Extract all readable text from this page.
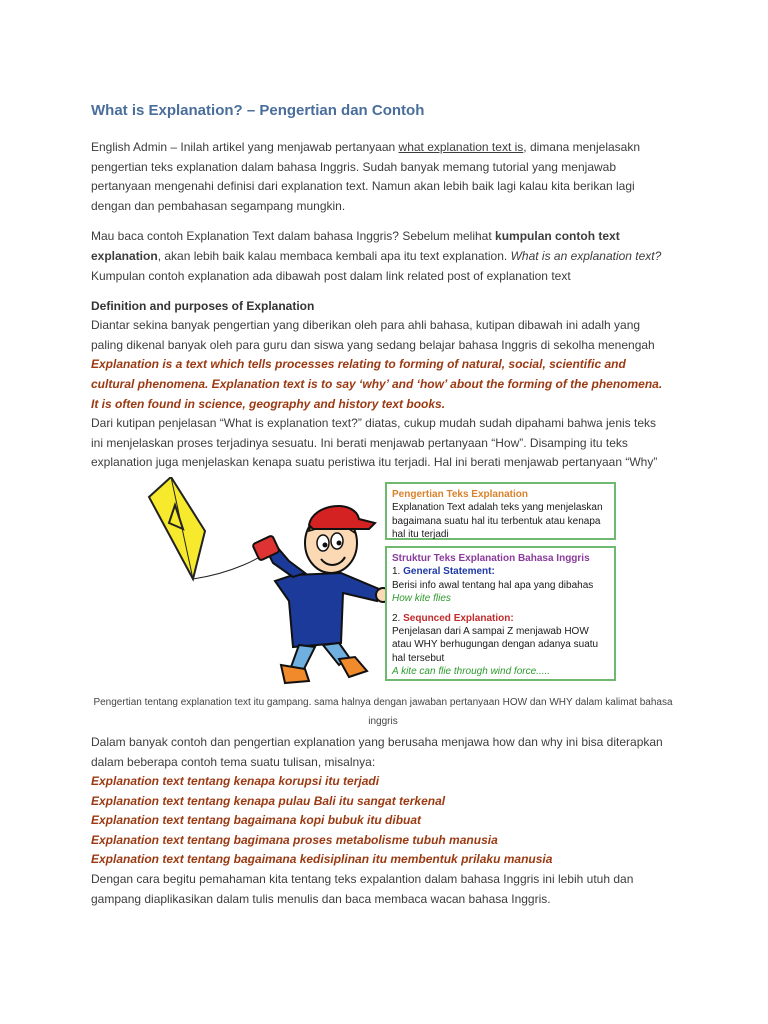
What is Explanation? – Pengertian dan Contoh

English Admin – Inilah artikel yang menjawab pertanyaan what explanation text is, dimana menjelasakn pengertian teks explanation dalam bahasa Inggris. Sudah banyak memang tutorial yang menjawab pertanyaan mengenahi definisi dari explanation text. Namun akan lebih baik lagi kalau kita berikan lagi dengan dan pembahasan segampang mungkin.

Mau baca contoh Explanation Text dalam bahasa Inggris? Sebelum melihat kumpulan contoh text explanation, akan lebih baik kalau membaca kembali apa itu text explanation. What is an explanation text? Kumpulan contoh explanation ada dibawah post dalam link related post of explanation text

Definition and purposes of Explanation

Diantar sekina banyak pengertian yang diberikan oleh para ahli bahasa, kutipan dibawah ini adalh yang paling dikenal banyak oleh para guru dan siswa yang sedang belajar bahasa Inggris di sekolha menengah

Explanation is a text which tells processes relating to forming of natural, social, scientific and cultural phenomena. Explanation text is to say ‘why’ and ‘how’ about the forming of the phenomena. It is often found in science, geography and history text books.

Dari kutipan penjelasan “What is explanation text?” diatas, cukup mudah sudah dipahami bahwa jenis teks ini menjelaskan proses terjadinya sesuatu. Ini berati menjawab pertanyaan “How”. Disamping itu teks explanation juga menjelaskan kenapa suatu peristiwa itu terjadi. Hal ini berati menjawab pertanyaan “Why”

Pengertian Teks Explanation
Explanation Text adalah teks yang menjelaskan bagaimana suatu hal itu terbentuk atau kenapa hal itu terjadi
Struktur Teks Explanation Bahasa Inggris
1. General Statement:
Berisi info awal tentang hal apa yang dibahas
How kite flies
2. Sequnced Explanation:
Penjelasan dari A sampai Z menjawab HOW atau WHY berhugungan dengan adanya suatu hal tersebut
A kite can flie through wind force.....
Pengertian tentang explanation text itu gampang. sama halnya dengan jawaban pertanyaan HOW dan WHY dalam kalimat bahasa inggris

Dalam banyak contoh dan pengertian explanation yang berusaha menjawa how dan why ini bisa diterapkan dalam beberapa contoh tema suatu tulisan, misalnya:

Explanation text tentang kenapa korupsi itu terjadi

Explanation text tentang kenapa pulau Bali itu sangat terkenal

Explanation text tentang bagaimana kopi bubuk itu dibuat

Explanation text tentang bagimana proses metabolisme tubuh manusia

Explanation text tentang bagaimana kedisiplinan itu membentuk prilaku manusia

Dengan cara begitu pemahaman kita tentang teks expalantion dalam bahasa Inggris ini lebih utuh dan gampang diaplikasikan dalam tulis menulis dan baca membaca wacan bahasa Inggris.
